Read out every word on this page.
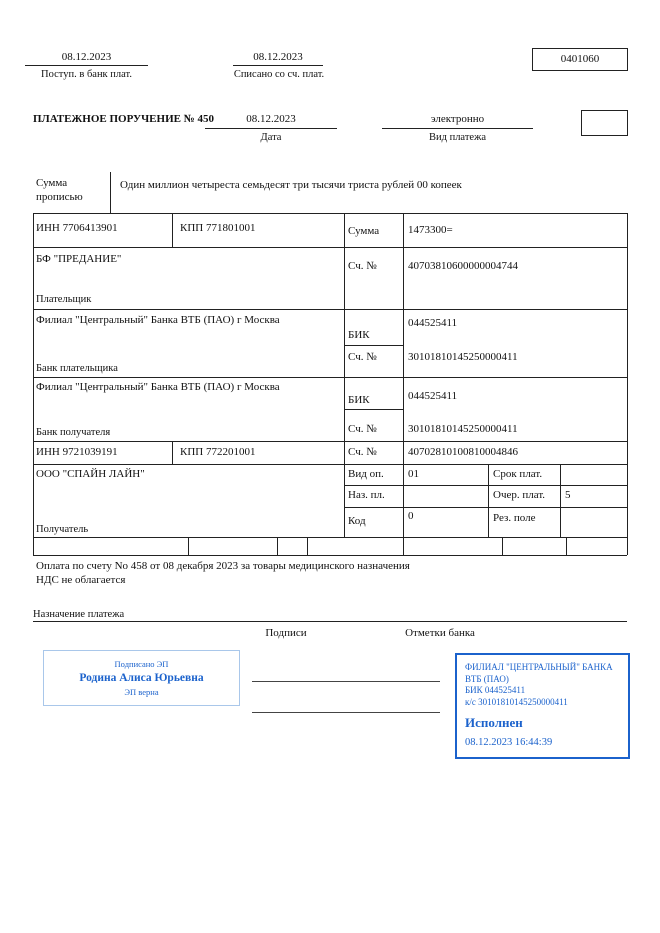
08.12.2023
Поступ. в банк плат.
08.12.2023
Списано со сч. плат.
0401060
ПЛАТЕЖНОЕ ПОРУЧЕНИЕ № 450	08.12.2023
Дата
электронно
Вид платежа
Сумма
прописью
Один миллион четыреста семьдесят три тысячи триста рублей 00 копеек
ИНН 7706413901	КПП 771801001	Сумма	1473300=
БФ "ПРЕДАНИЕ"
Сч. №	40703810600000004744
Плательщик
Филиал "Центральный" Банка ВТБ (ПАО) г Москва
БИК
044525411
Сч. №	30101810145250000411
Банк плательщика
Филиал "Центральный" Банка ВТБ (ПАО) г Москва
БИК	044525411
Сч. №	30101810145250000411
Банк получателя
ИНН 9721039191	КПП 772201001	Сч. №	40702810100810004846
ООО "СПАЙН ЛАЙН"	Вид оп. 01	Срок плат.
Наз. пл.	Очер. плат. 5
Код	0	Рез. поле
Получатель
Оплата по счету No 458 от 08 декабря 2023 за товары медицинского назначения
НДС не облагается
Назначение платежа
Подписи	Отметки банка
Подписано ЭП
Родина Алиса Юрьевна
ЭП верна
ФИЛИАЛ "ЦЕНТРАЛЬНЫЙ" БАНКА
ВТБ (ПАО)
БИК 044525411
к/с 30101810145250000411
Исполнен
08.12.2023 16:44:39
